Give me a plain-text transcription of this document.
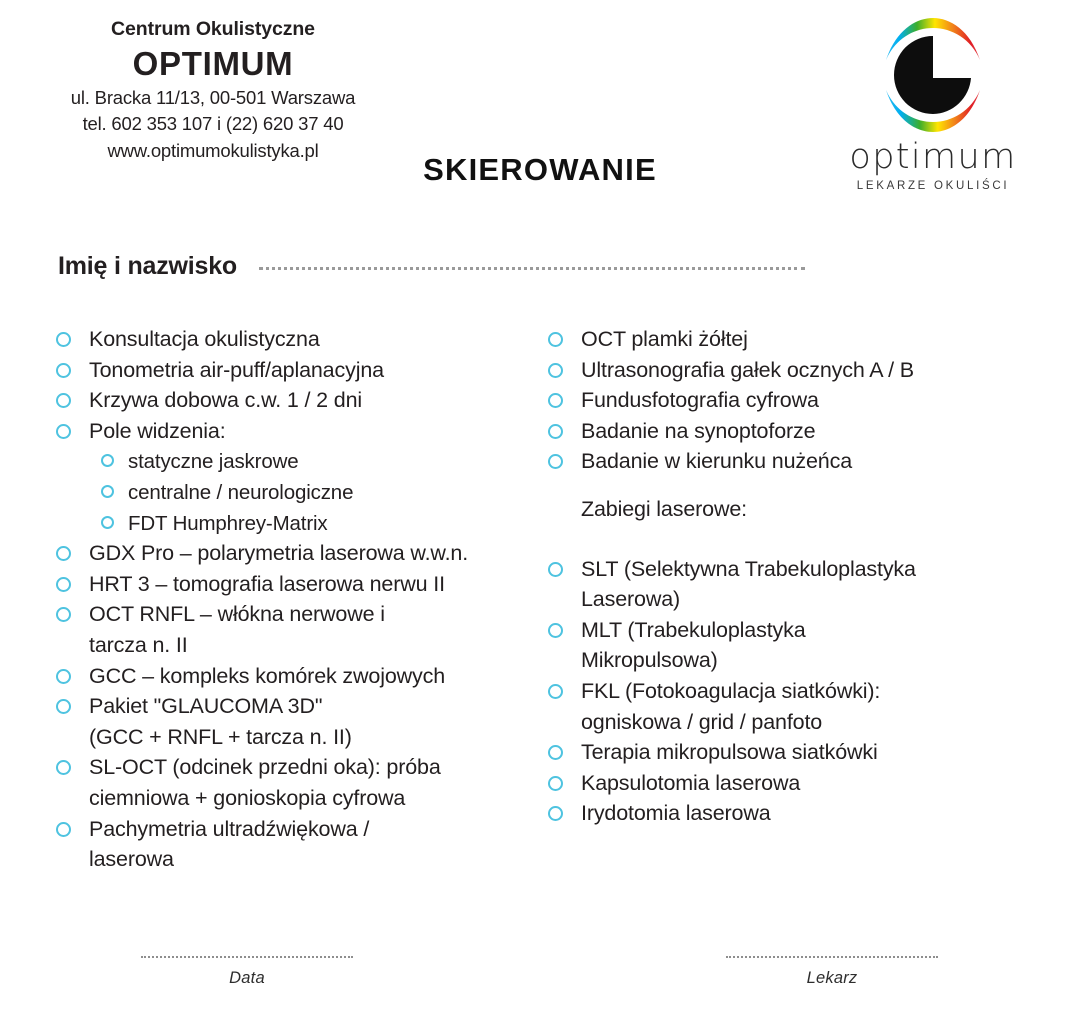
Centrum Okulistyczne
OPTIMUM
ul. Bracka 11/13, 00-501 Warszawa
tel. 602 353 107 i (22) 620 37 40
www.optimumokulistyka.pl
SKIEROWANIE	optimum
LEKARZE OKULIŚCI
Imię i nazwisko
Konsultacja okulistyczna
Tonometria air-puff/aplanacyjna
Krzywa dobowa c.w. 1 / 2 dni
Pole widzenia:
statyczne jaskrowe
centralne / neurologiczne
FDT Humphrey-Matrix
GDX Pro – polarymetria laserowa w.w.n.
HRT 3 – tomografia laserowa nerwu II
OCT RNFL – włókna nerwowe i
tarcza n. II
GCC – kompleks komórek zwojowych
Pakiet "GLAUCOMA 3D"
(GCC + RNFL + tarcza n. II)
SL-OCT (odcinek przedni oka): próba
ciemniowa + gonioskopia cyfrowa
Pachymetria ultradźwiękowa /
laserowa
OCT plamki żółtej
Ultrasonografia gałek ocznych A / B
Fundusfotografia cyfrowa
Badanie na synoptoforze
Badanie w kierunku nużeńca
Zabiegi laserowe:
SLT (Selektywna Trabekuloplastyka
Laserowa)
MLT (Trabekuloplastyka
Mikropulsowa)
FKL (Fotokoagulacja siatkówki):
ogniskowa / grid / panfoto
Terapia mikropulsowa siatkówki
Kapsulotomia laserowa
Irydotomia laserowa
Data	Lekarz
